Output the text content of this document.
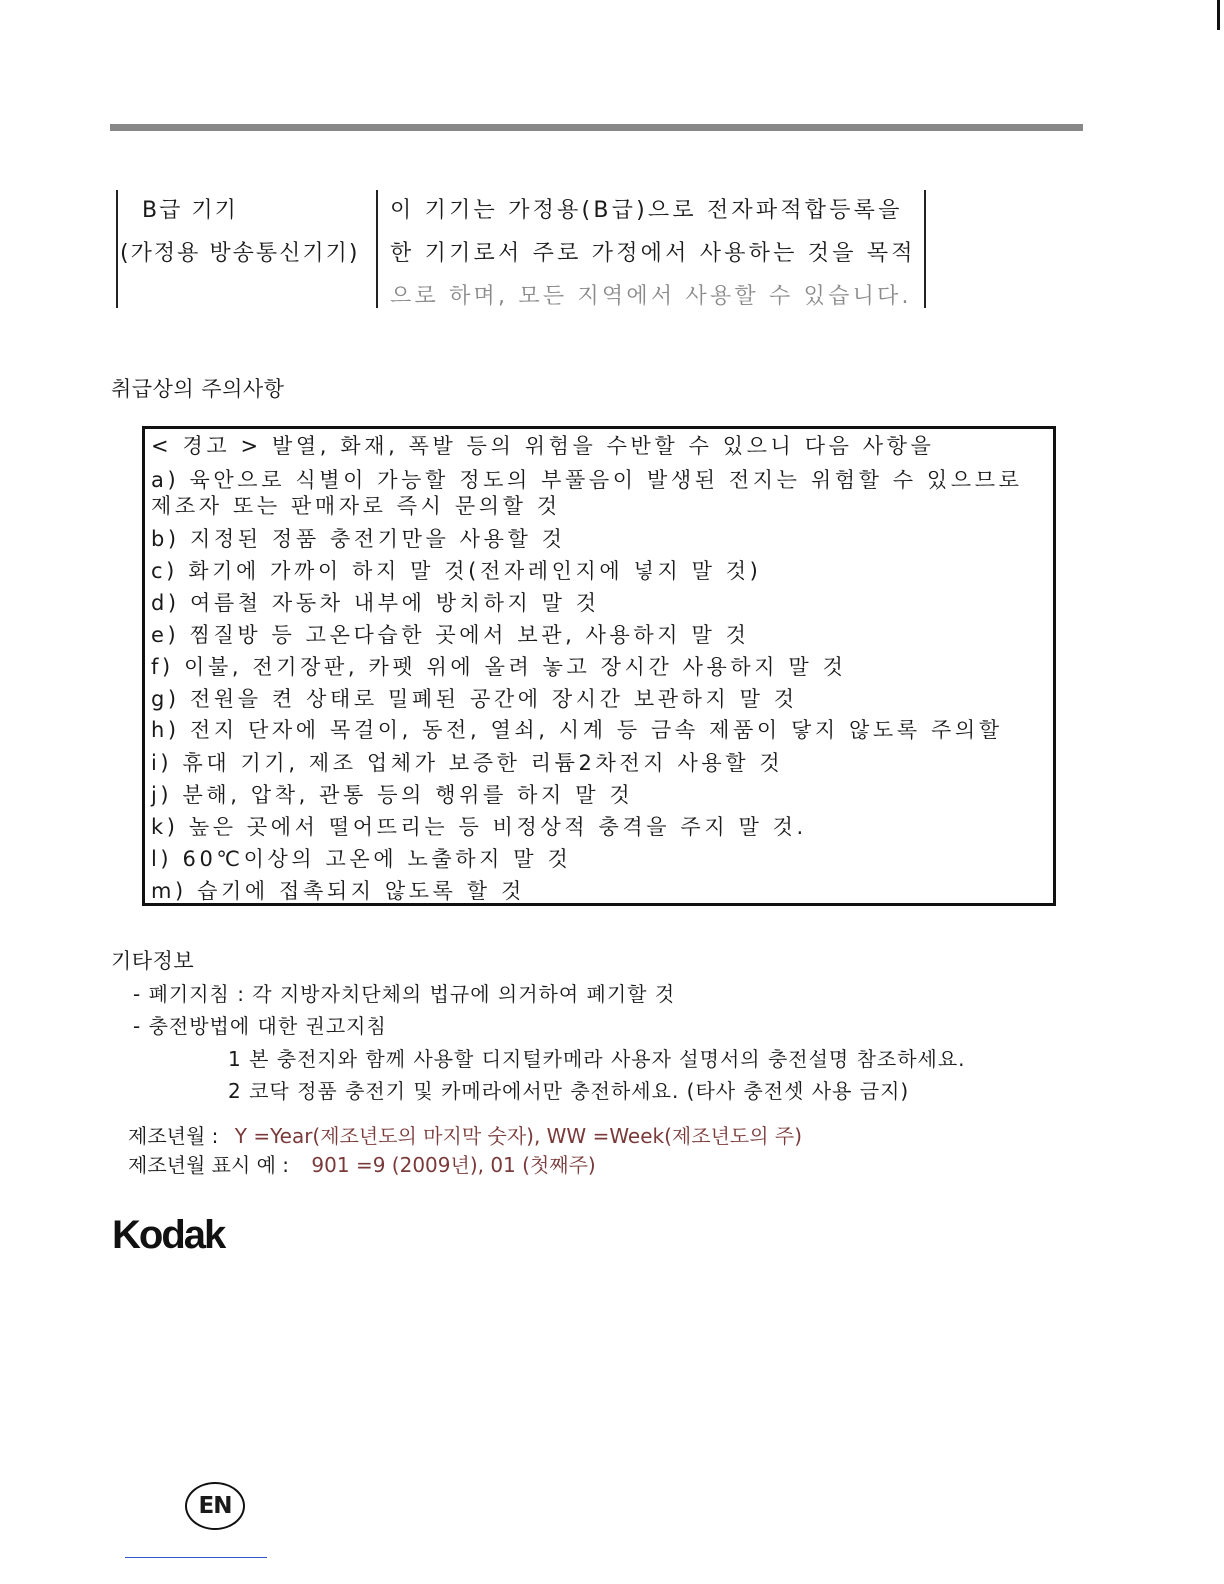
B급 기기
(가정용 방송통신기기)
이 기기는 가정용(B급)으로 전자파적합등록을
한 기기로서 주로 가정에서 사용하는 것을 목적
으로 하며, 모든 지역에서 사용할 수 있습니다.
취급상의 주의사항
< 경고 > 발열, 화재, 폭발 등의 위험을 수반할 수 있으니 다음 사항을
a) 육안으로 식별이 가능할 정도의 부풀음이 발생된 전지는 위험할 수 있으므로
제조자 또는 판매자로 즉시 문의할 것
b) 지정된 정품 충전기만을 사용할 것
c) 화기에 가까이 하지 말 것(전자레인지에 넣지 말 것)
d) 여름철 자동차 내부에 방치하지 말 것
e) 찜질방 등 고온다습한 곳에서 보관, 사용하지 말 것
f) 이불, 전기장판, 카펫 위에 올려 놓고 장시간 사용하지 말 것
g) 전원을 켠 상태로 밀폐된 공간에 장시간 보관하지 말 것
h) 전지 단자에 목걸이, 동전, 열쇠, 시계 등 금속 제품이 닿지 않도록 주의할
i) 휴대 기기, 제조 업체가 보증한 리튬2차전지 사용할 것
j) 분해, 압착, 관통 등의 행위를 하지 말 것
k) 높은 곳에서 떨어뜨리는 등 비정상적 충격을 주지 말 것.
l) 60℃이상의 고온에 노출하지 말 것
m) 습기에 접촉되지 않도록 할 것
기타정보
- 폐기지침 : 각 지방자치단체의 법규에 의거하여 폐기할 것
- 충전방법에 대한 권고지침
1 본 충전지와 함께 사용할 디지털카메라 사용자 설명서의 충전설명 참조하세요.
2 코닥 정품 충전기 및 카메라에서만 충전하세요. (타사 충전셋 사용 금지)
제조년월 : Y =Year(제조년도의 마지막 숫자), WW =Week(제조년도의 주)
제조년월 표시 예 : 901 =9 (2009년), 01 (첫째주)
Kodak
EN
